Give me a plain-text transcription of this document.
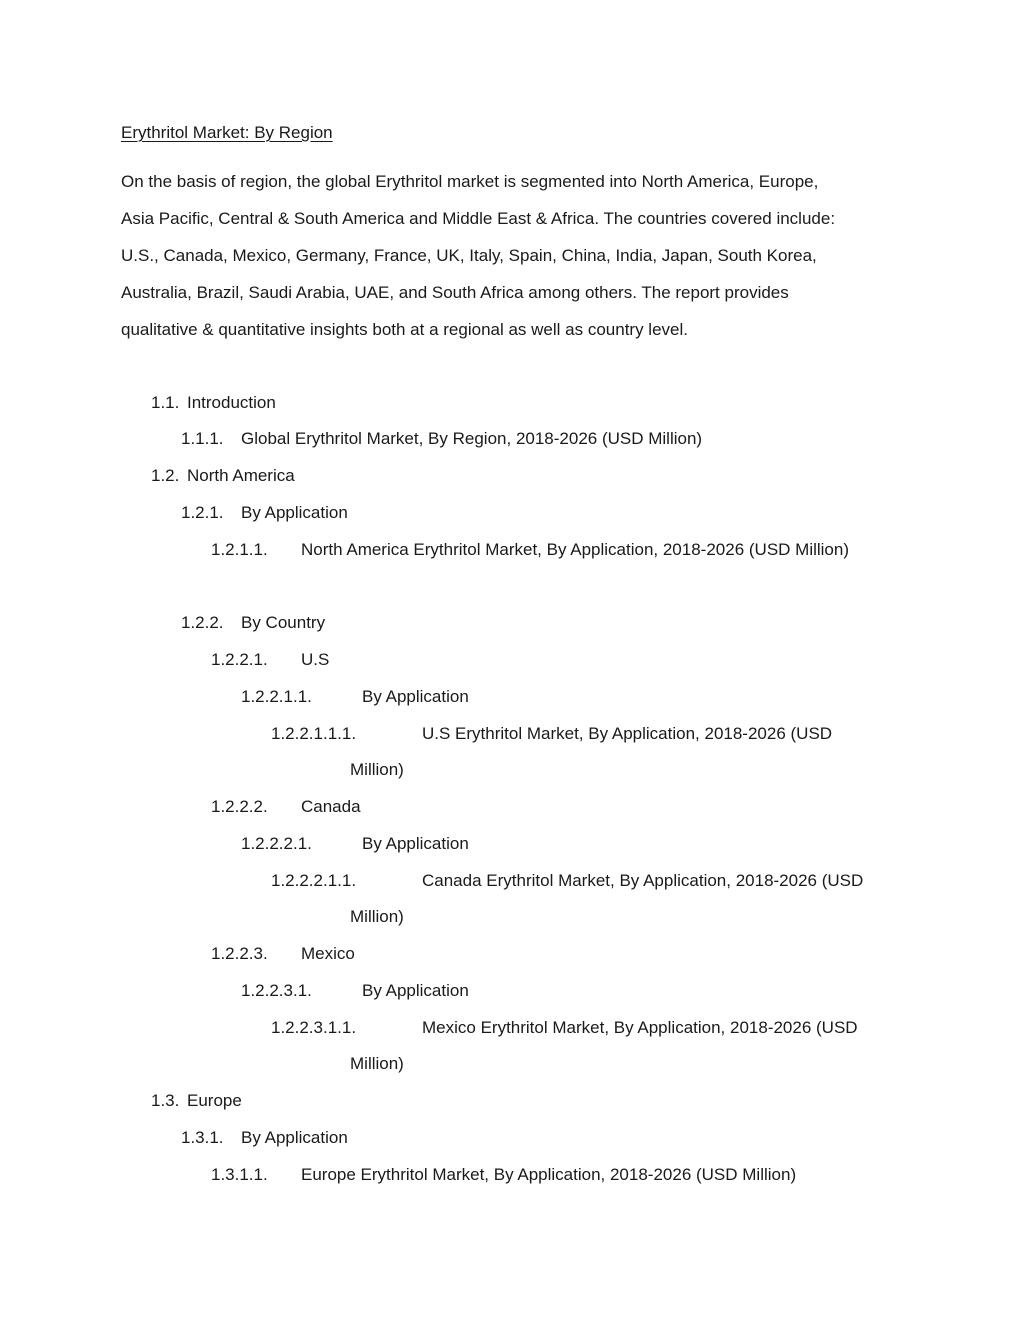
Erythritol Market: By Region

On the basis of region, the global Erythritol market is segmented into North America, Europe,
Asia Pacific, Central & South America and Middle East & Africa. The countries covered include:
U.S., Canada, Mexico, Germany, France, UK, Italy, Spain, China, India, Japan, South Korea,
Australia, Brazil, Saudi Arabia, UAE, and South Africa among others. The report provides
qualitative & quantitative insights both at a regional as well as country level.

1.1. Introduction
1.1.1. Global Erythritol Market, By Region, 2018-2026 (USD Million)
1.2. North America
1.2.1. By Application
1.2.1.1. North America Erythritol Market, By Application, 2018-2026 (USD Million)
1.2.2. By Country
1.2.2.1. U.S
1.2.2.1.1.	By Application
1.2.2.1.1.1.	U.S Erythritol Market, By Application, 2018-2026 (USD
Million)
1.2.2.2. Canada
1.2.2.2.1.	By Application
1.2.2.2.1.1.	Canada Erythritol Market, By Application, 2018-2026 (USD
Million)
1.2.2.3. Mexico
1.2.2.3.1.	By Application
1.2.2.3.1.1.	Mexico Erythritol Market, By Application, 2018-2026 (USD
Million)
1.3. Europe
1.3.1. By Application
1.3.1.1. Europe Erythritol Market, By Application, 2018-2026 (USD Million)
